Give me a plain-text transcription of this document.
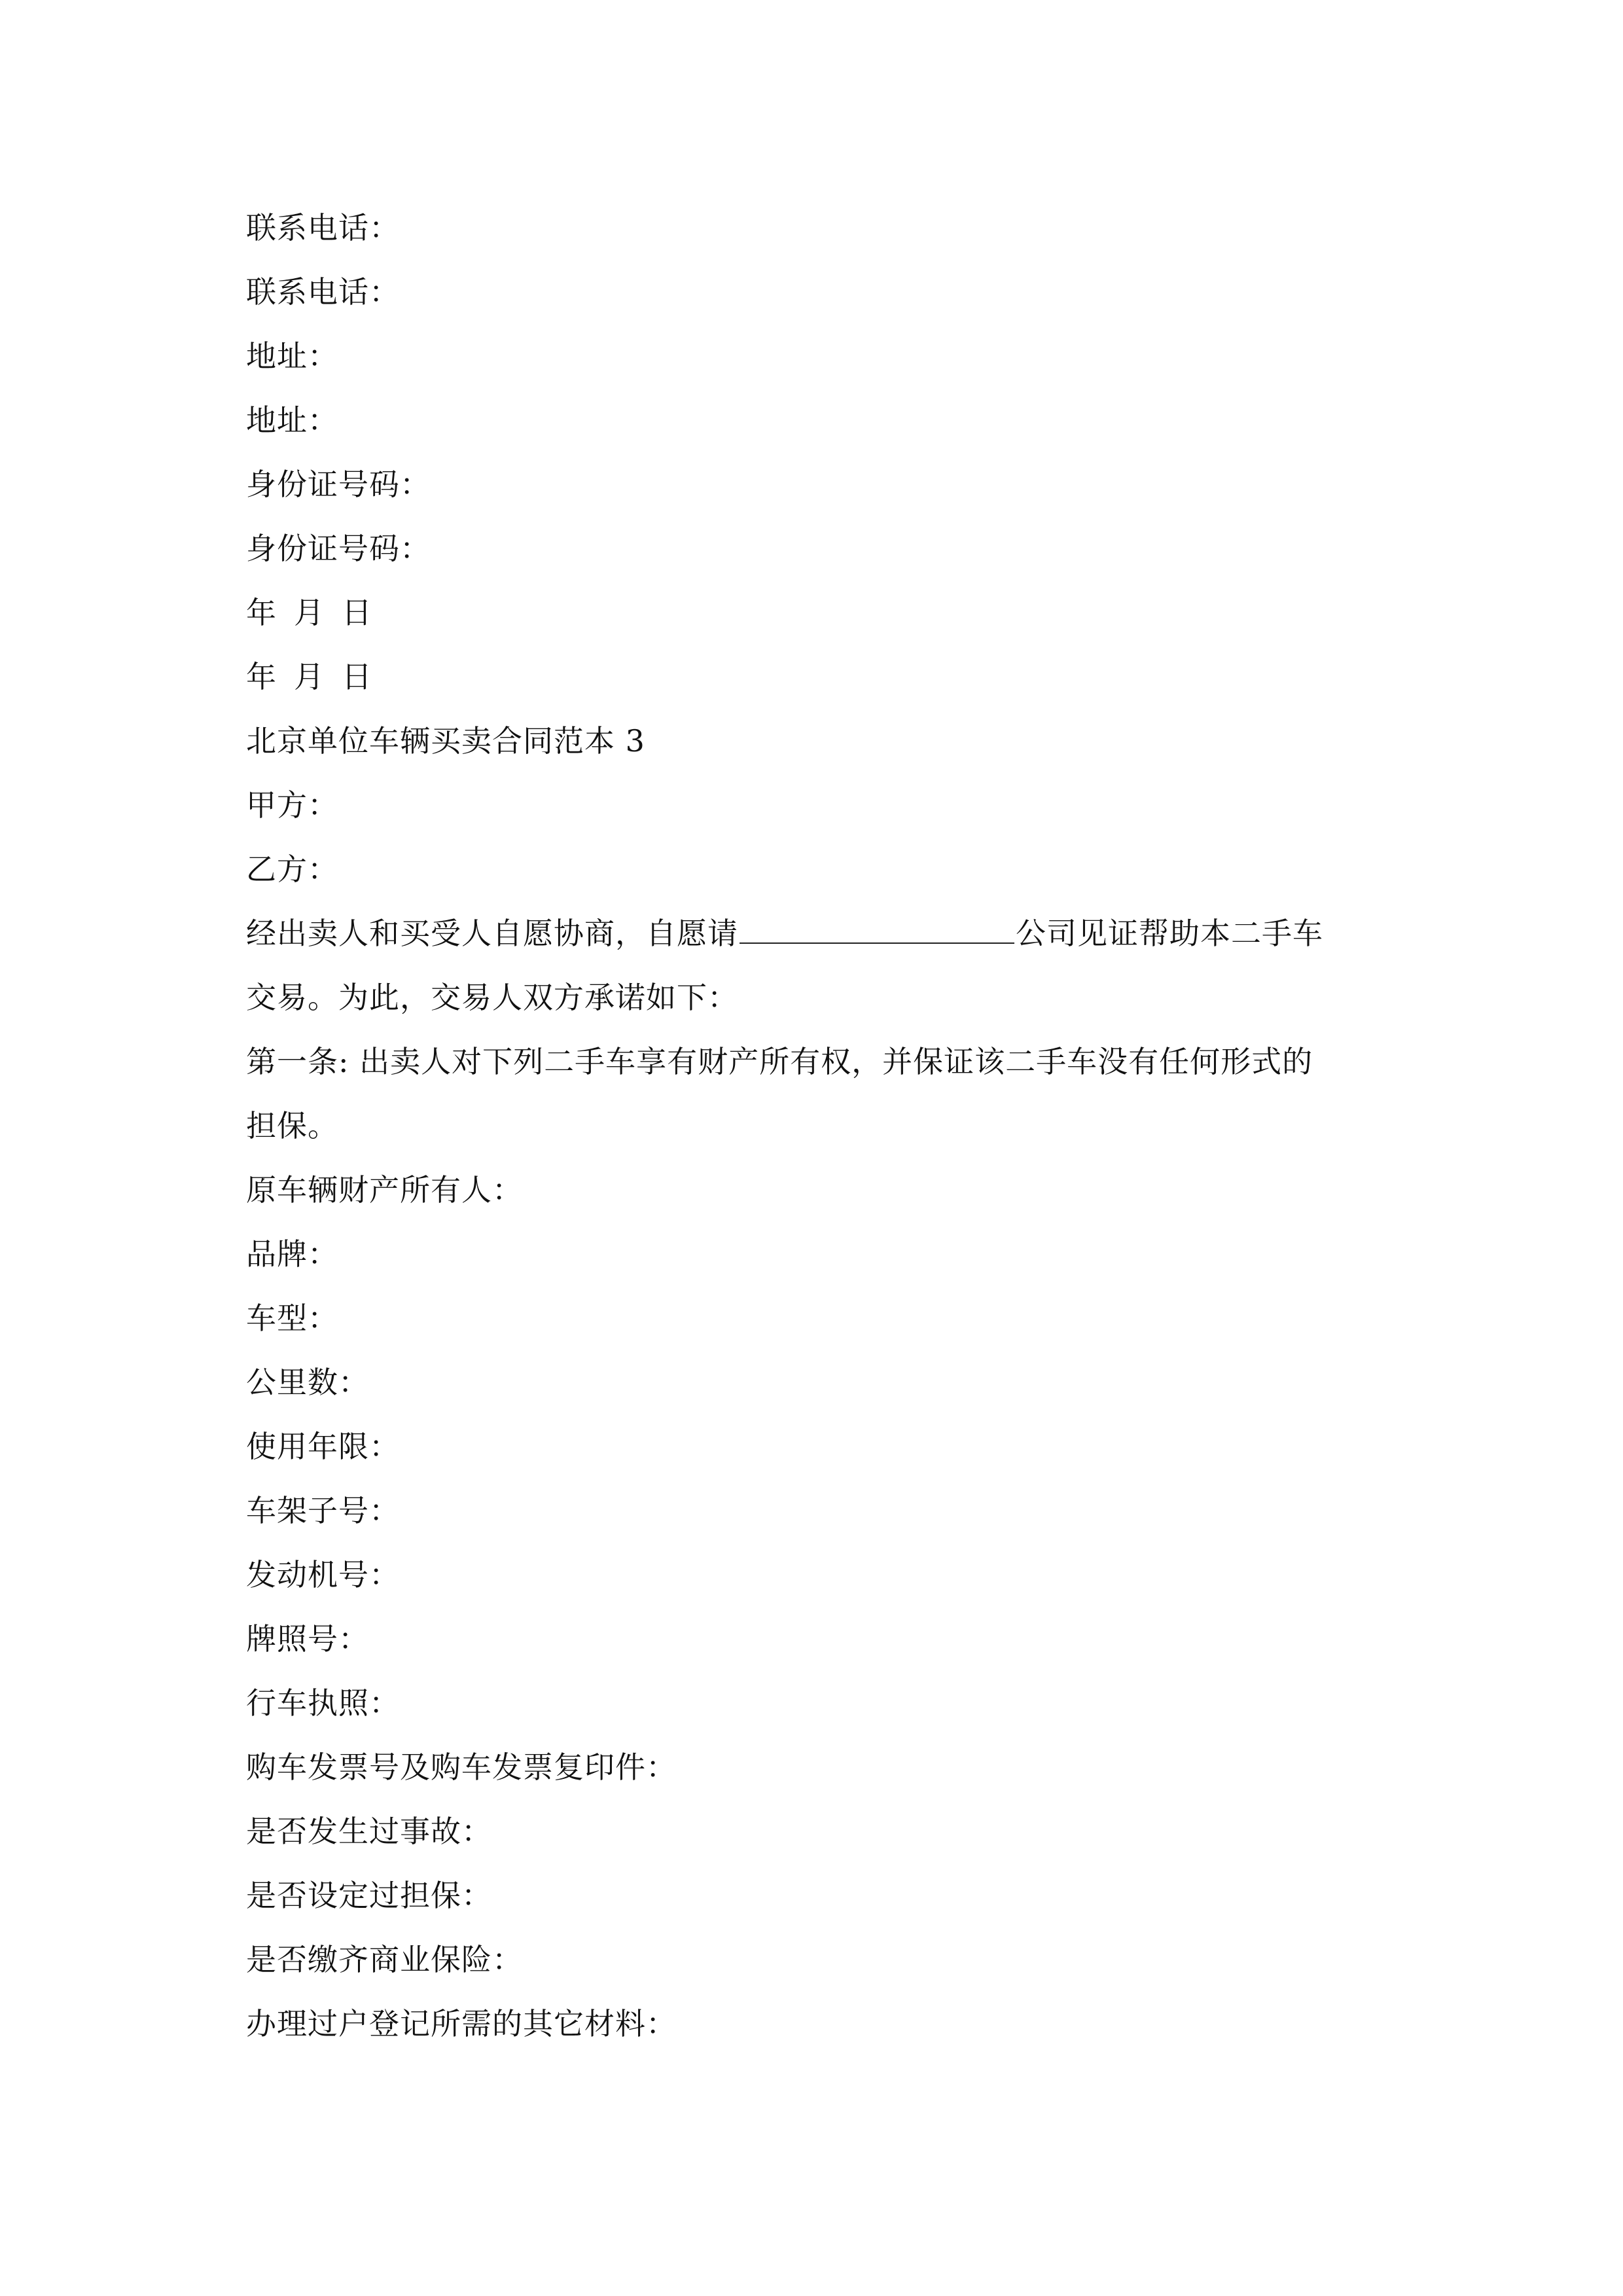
联系电话：
联系电话：
地址：
地址：
身份证号码：
身份证号码：
年 月 日
年 月 日
北京单位车辆买卖合同范本 3
甲方：
乙方：
经出卖人和买受人自愿协商，自愿请	公司见证帮助本二手车
交易。为此，交易人双方承诺如下：
第一条: 出卖人对下列二手车享有财产所有权，并保证该二手车没有任何形式的
担保。
原车辆财产所有人：
品牌：
车型：
公里数：
使用年限：
车架子号：
发动机号：
牌照号：
行车执照：
购车发票号及购车发票复印件：
是否发生过事故：
是否设定过担保：
是否缴齐商业保险：
办理过户登记所需的其它材料：
